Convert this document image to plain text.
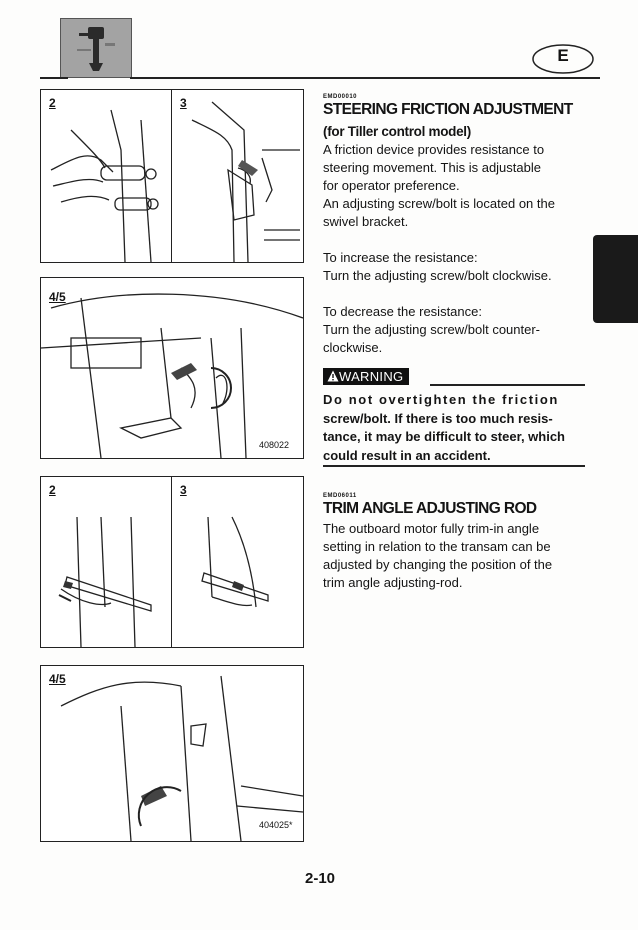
E
2	3
4/5
408022
2	3
4/5
404025*
EMD00010
STEERING FRICTION ADJUSTMENT
(for Tiller control model)

A friction device provides resistance to

steering movement. This is adjustable

for operator preference.

An adjusting screw/bolt is located on the

swivel bracket.

To increase the resistance:

Turn the adjusting screw/bolt clockwise.

To decrease the resistance:

Turn the adjusting screw/bolt counter-

clockwise.

WARNING
Do not overtighten the friction
screw/bolt. If there is too much resis-
tance, it may be difficult to steer, which
could result in an accident.
EMD06011
TRIM ANGLE ADJUSTING ROD

The outboard motor fully trim-in angle

setting in relation to the transam can be

adjusted by changing the position of the

trim angle adjusting-rod.

2-10
